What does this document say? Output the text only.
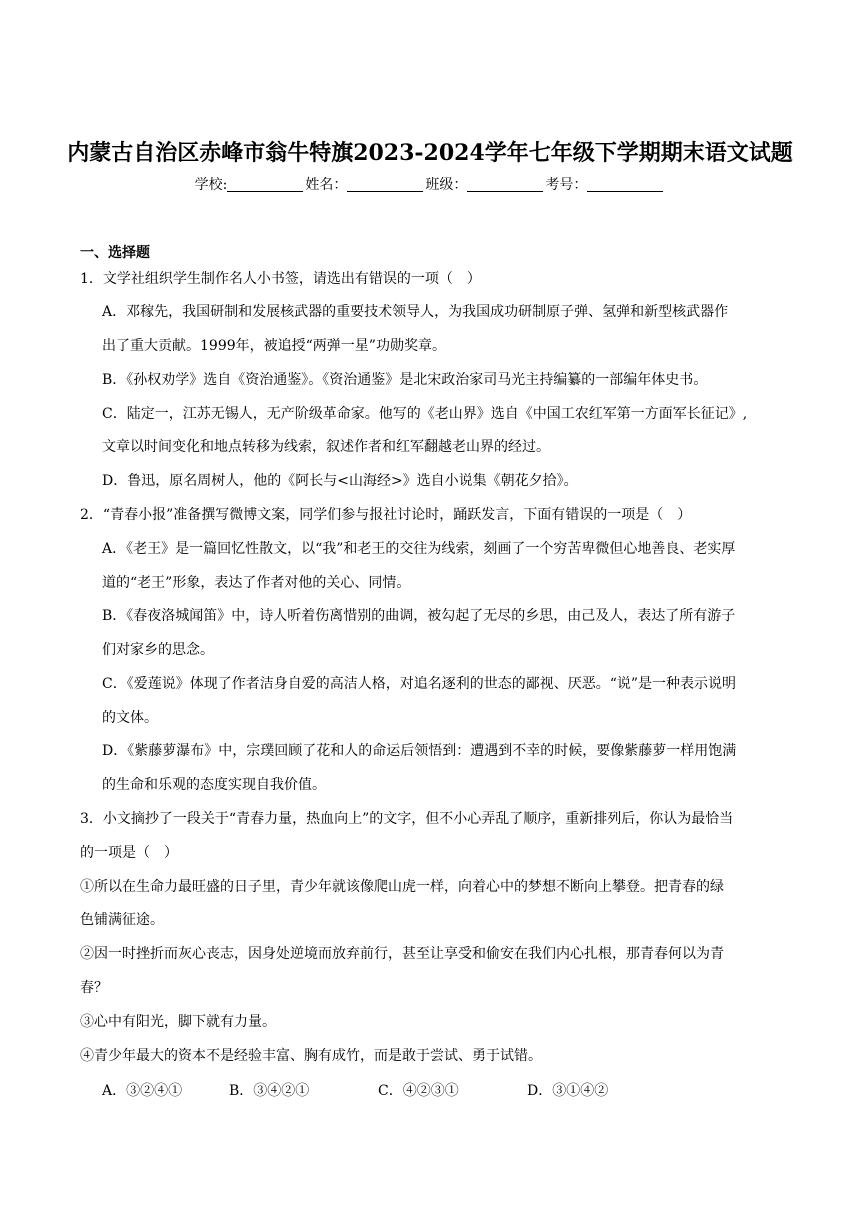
内蒙古自治区赤峰市翁牛特旗2023-2024学年七年级下学期期末语文试题
学校:	姓名：	班级：	考号：
一、选择题
1．文学社组织学生制作名人小书签，请选出有错误的一项（　）
A．邓稼先，我国研制和发展核武器的重要技术领导人，为我国成功研制原子弹、氢弹和新型核武器作
出了重大贡献。1999年，被追授“两弹一星”功勋奖章。
B．《孙权劝学》选自《资治通鉴》。《资治通鉴》是北宋政治家司马光主持编纂的一部编年体史书。
C．陆定一，江苏无锡人，无产阶级革命家。他写的《老山界》选自《中国工农红军第一方面军长征记》,
文章以时间变化和地点转移为线索，叙述作者和红军翻越老山界的经过。
D．鲁迅，原名周树人，他的《阿长与<山海经>》选自小说集《朝花夕拾》。
2．“青春小报”准备撰写微博文案，同学们参与报社讨论时，踊跃发言，下面有错误的一项是（　）
A．《老王》是一篇回忆性散文，以“我”和老王的交往为线索，刻画了一个穷苦卑微但心地善良、老实厚
道的“老王”形象，表达了作者对他的关心、同情。
B．《春夜洛城闻笛》中，诗人听着伤离惜别的曲调，被勾起了无尽的乡思，由己及人，表达了所有游子
们对家乡的思念。
C．《爱莲说》体现了作者洁身自爱的高洁人格，对追名逐利的世态的鄙视、厌恶。“说”是一种表示说明
的文体。
D．《紫藤萝瀑布》中，宗璞回顾了花和人的命运后领悟到：遭遇到不幸的时候，要像紫藤萝一样用饱满
的生命和乐观的态度实现自我价值。
3．小文摘抄了一段关于“青春力量，热血向上”的文字，但不小心弄乱了顺序，重新排列后，你认为最恰当
的一项是（　）
①所以在生命力最旺盛的日子里，青少年就该像爬山虎一样，向着心中的梦想不断向上攀登。把青春的绿
色铺满征途。
②因一时挫折而灰心丧志，因身处逆境而放弃前行，甚至让享受和偷安在我们内心扎根，那青春何以为青
春？
③心中有阳光，脚下就有力量。
④青少年最大的资本不是经验丰富、胸有成竹，而是敢于尝试、勇于试错。
A．③②④①	B．③④②①	C．④②③①	D．③①④②
